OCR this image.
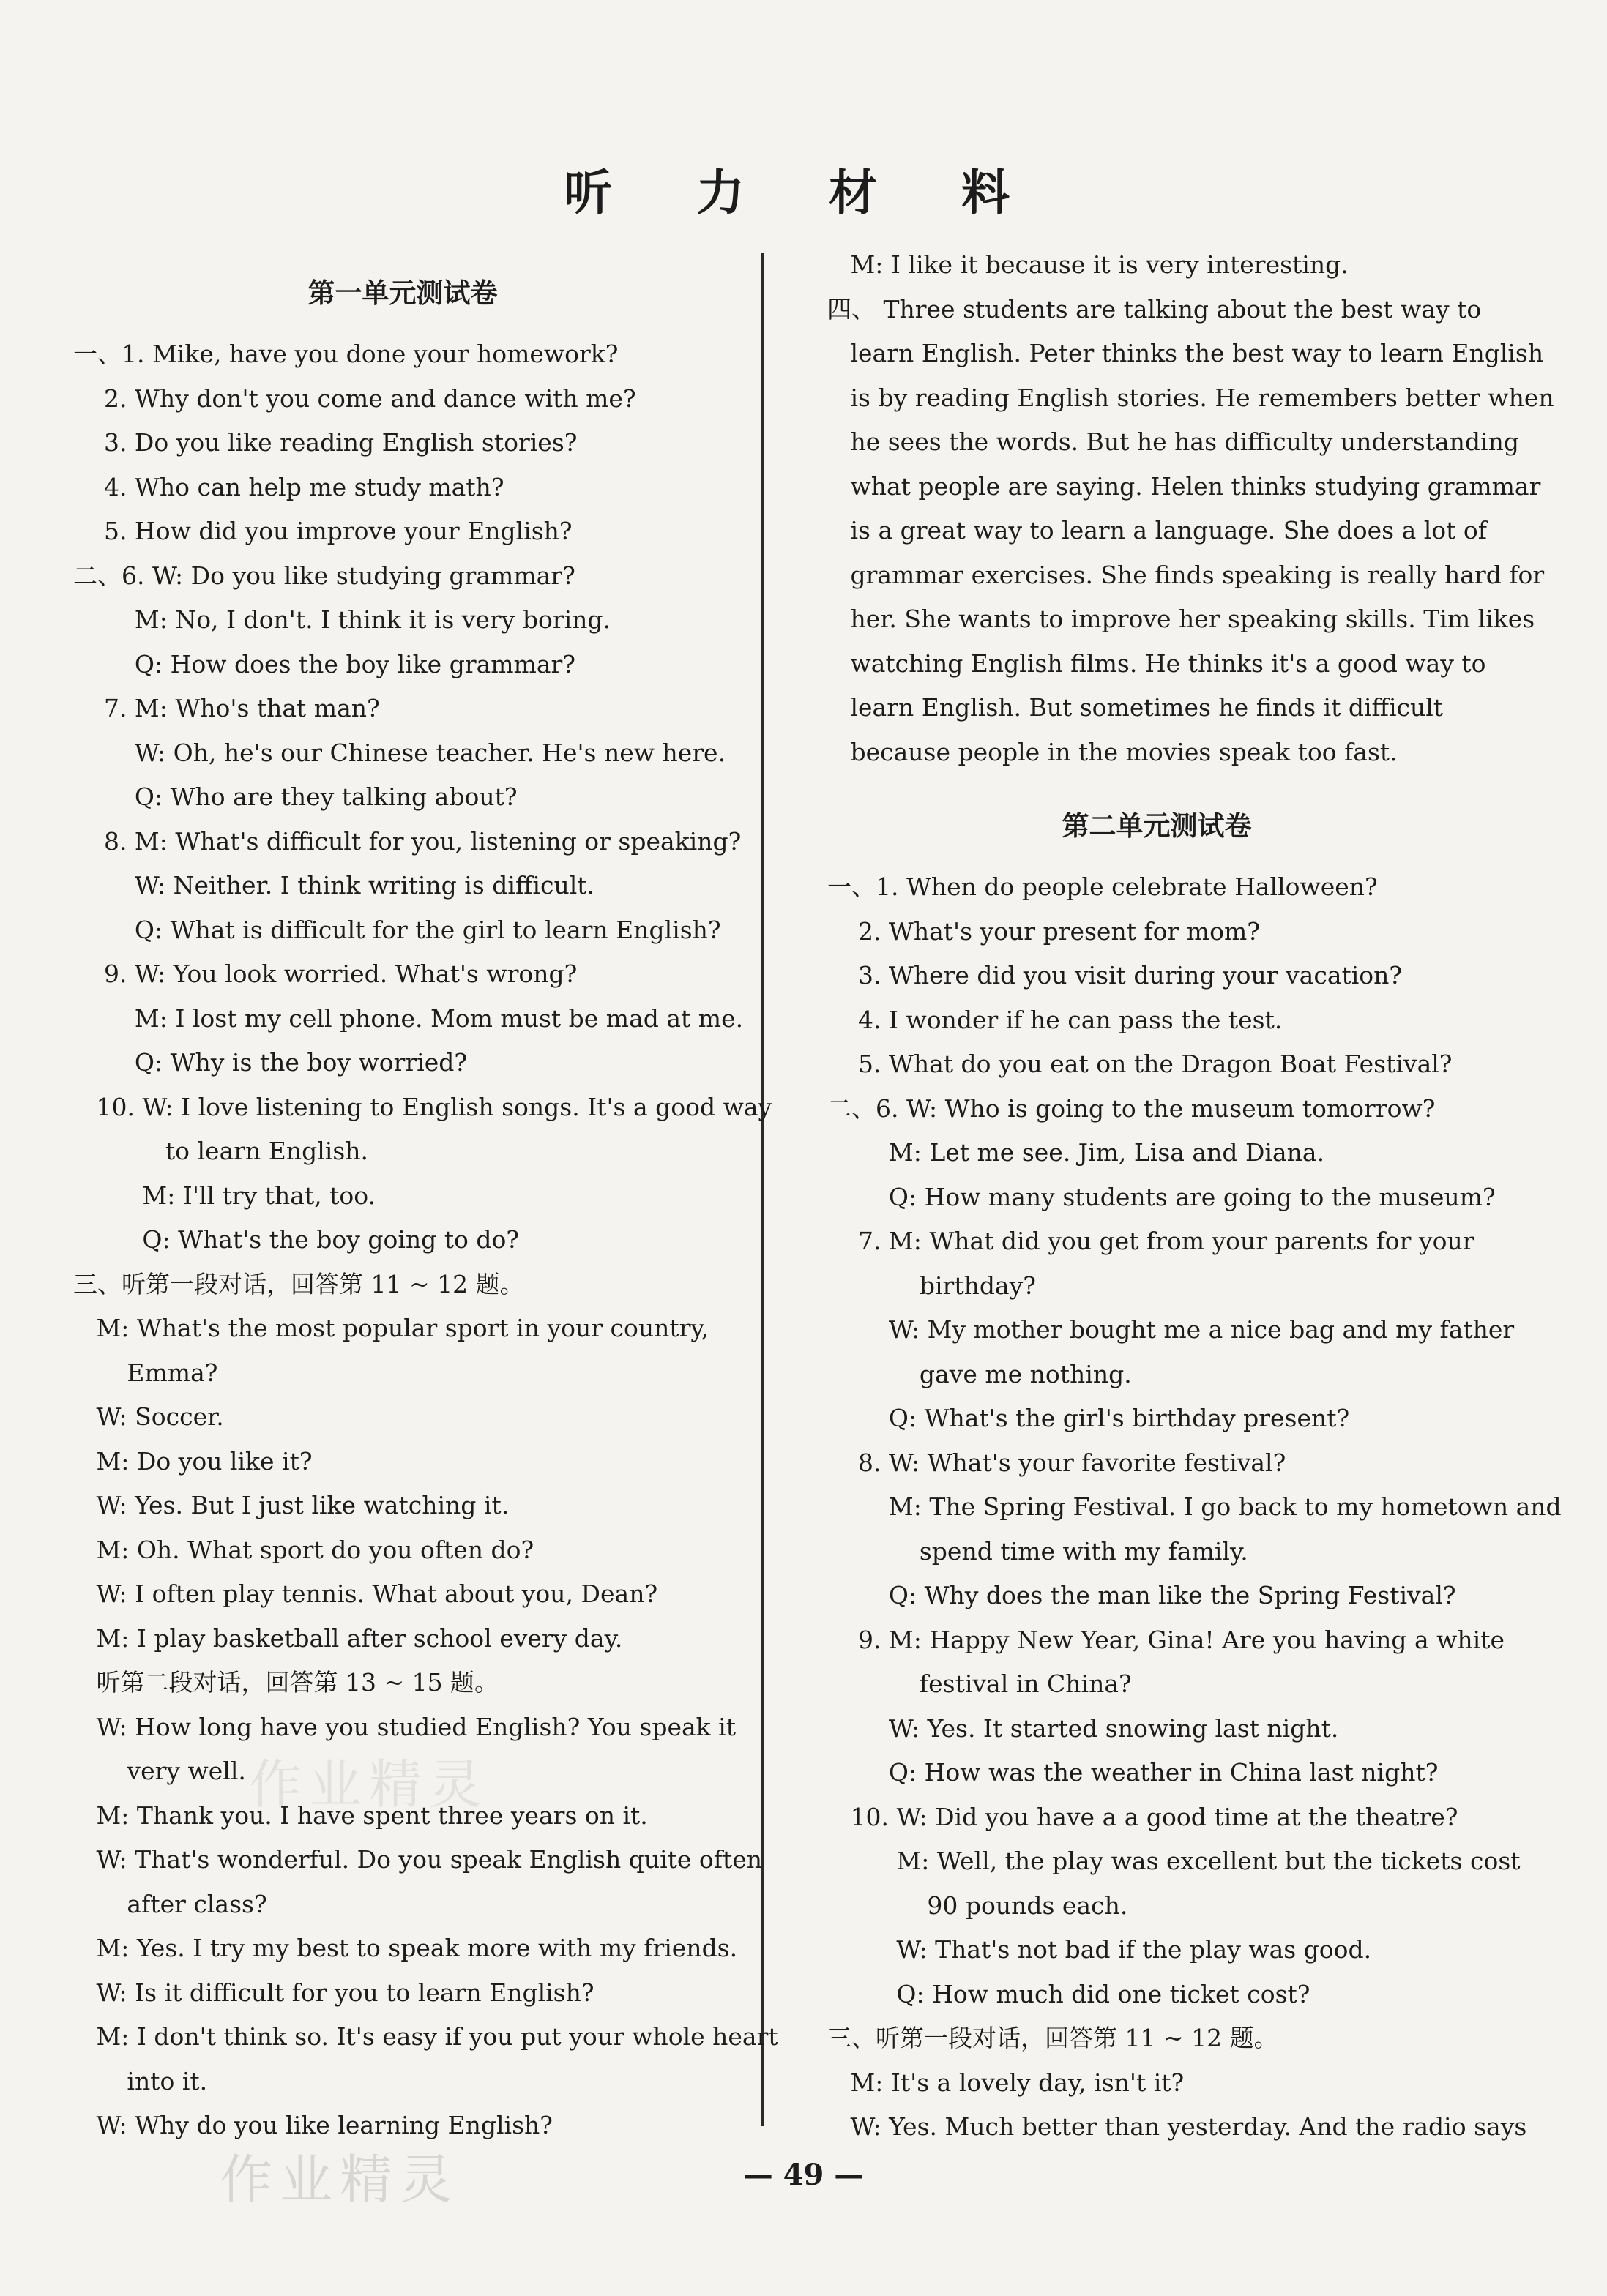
听 力 材 料
第一单元测试卷
一、1. Mike, have you done your homework?
2. Why don't you come and dance with me?
3. Do you like reading English stories?
4. Who can help me study math?
5. How did you improve your English?
二、6. W: Do you like studying grammar?
M: No, I don't. I think it is very boring.
Q: How does the boy like grammar?
7. M: Who's that man?
W: Oh, he's our Chinese teacher. He's new here.
Q: Who are they talking about?
8. M: What's difficult for you, listening or speaking?
W: Neither. I think writing is difficult.
Q: What is difficult for the girl to learn English?
9. W: You look worried. What's wrong?
M: I lost my cell phone. Mom must be mad at me.
Q: Why is the boy worried?
10. W: I love listening to English songs. It's a good way
to learn English.
M: I'll try that, too.
Q: What's the boy going to do?
三、听第一段对话，回答第 11 ~ 12 题。
M: What's the most popular sport in your country,
Emma?
W: Soccer.
M: Do you like it?
W: Yes. But I just like watching it.
M: Oh. What sport do you often do?
W: I often play tennis. What about you, Dean?
M: I play basketball after school every day.
听第二段对话，回答第 13 ~ 15 题。
W: How long have you studied English? You speak it
very well.
M: Thank you. I have spent three years on it.
W: That's wonderful. Do you speak English quite often
after class?
M: Yes. I try my best to speak more with my friends.
W: Is it difficult for you to learn English?
M: I don't think so. It's easy if you put your whole heart
into it.
W: Why do you like learning English?
M: I like it because it is very interesting.
四、 Three students are talking about the best way to
learn English. Peter thinks the best way to learn English
is by reading English stories. He remembers better when
he sees the words. But he has difficulty understanding
what people are saying. Helen thinks studying grammar
is a great way to learn a language. She does a lot of
grammar exercises. She finds speaking is really hard for
her. She wants to improve her speaking skills. Tim likes
watching English films. He thinks it's a good way to
learn English. But sometimes he finds it difficult
because people in the movies speak too fast.
第二单元测试卷
一、1. When do people celebrate Halloween?
2. What's your present for mom?
3. Where did you visit during your vacation?
4. I wonder if he can pass the test.
5. What do you eat on the Dragon Boat Festival?
二、6. W: Who is going to the museum tomorrow?
M: Let me see. Jim, Lisa and Diana.
Q: How many students are going to the museum?
7. M: What did you get from your parents for your
birthday?
W: My mother bought me a nice bag and my father
gave me nothing.
Q: What's the girl's birthday present?
8. W: What's your favorite festival?
M: The Spring Festival. I go back to my hometown and
spend time with my family.
Q: Why does the man like the Spring Festival?
9. M: Happy New Year, Gina! Are you having a white
festival in China?
W: Yes. It started snowing last night.
Q: How was the weather in China last night?
10. W: Did you have a a good time at the theatre?
M: Well, the play was excellent but the tickets cost
90 pounds each.
W: That's not bad if the play was good.
Q: How much did one ticket cost?
三、听第一段对话，回答第 11 ~ 12 题。
M: It's a lovely day, isn't it?
W: Yes. Much better than yesterday. And the radio says
作业精灵
作业精灵	— 49 —
